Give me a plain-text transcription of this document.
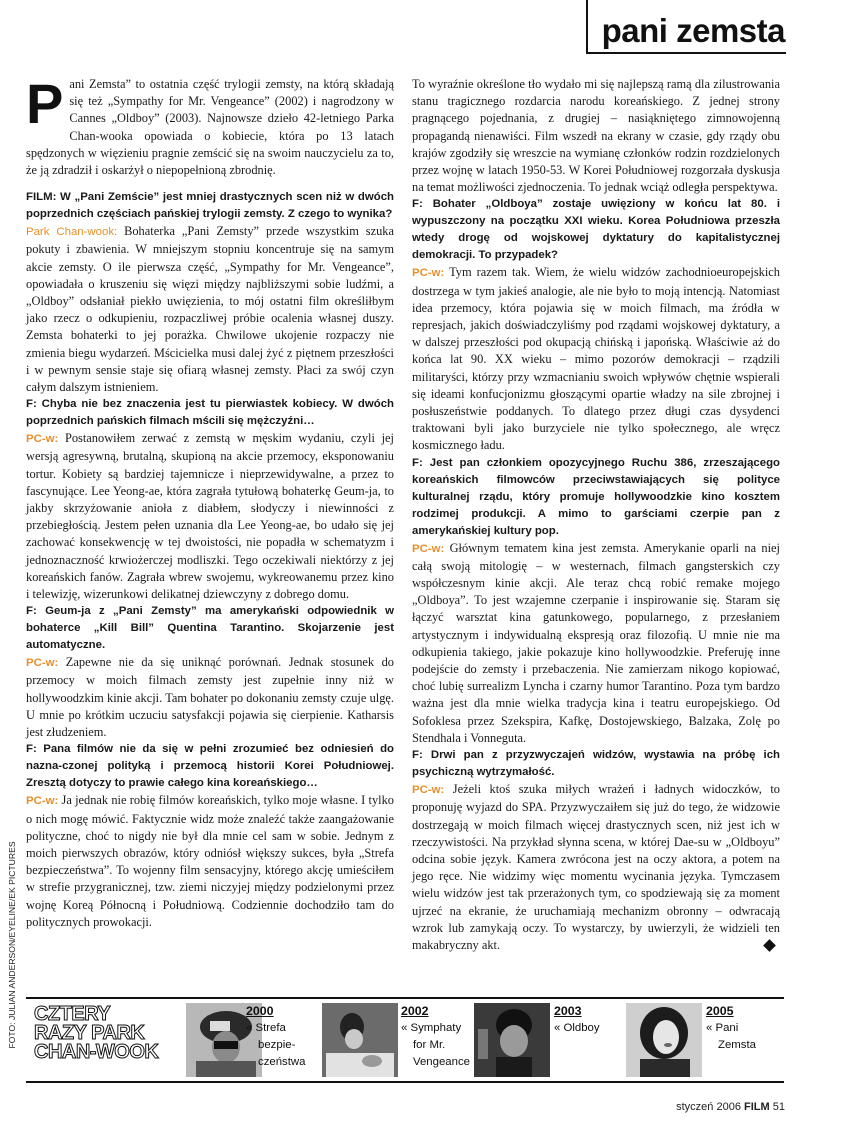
pani zemsta

Pani Zemsta” to ostatnia część trylogii zemsty, na którą składają się też „Sympathy for Mr. Vengeance” (2002) i nagrodzony w Cannes „Oldboy” (2003). Najnowsze dzieło 42-letniego Parka Chan-wooka opowiada o kobiecie, która po 13 latach spędzonych w więzieniu pragnie zemścić się na swoim nauczycielu za to, że ją zdradził i oskarżył o niepopełnioną zbrodnię.

FILM: W „Pani Zemście” jest mniej drastycznych scen niż w dwóch poprzednich częściach pańskiej trylogii zemsty. Z czego to wynika?
Park Chan-wook: Bohaterka „Pani Zemsty” przede wszystkim szuka pokuty i zbawienia. W mniejszym stopniu koncentruje się na samym akcie zemsty. O ile pierwsza część, „Sympathy for Mr. Vengeance”, opowiadała o kruszeniu się więzi między najbliższymi sobie ludźmi, a „Oldboy” odsłaniał piekło uwięzienia, to mój ostatni film określiłbym jako rzecz o odkupieniu, rozpaczliwej próbie ocalenia własnej duszy. Zemsta bohaterki to jej porażka. Chwilowe ukojenie rozpaczy nie zmienia biegu wydarzeń. Mścicielka musi dalej żyć z piętnem przeszłości i w pewnym sensie staje się ofiarą własnej zemsty. Płaci za swój czyn całym dalszym istnieniem.
F: Chyba nie bez znaczenia jest tu pierwiastek kobiecy. W dwóch poprzednich pańskich filmach mścili się mężczyźni…
PC-w: Postanowiłem zerwać z zemstą w męskim wydaniu, czyli jej wersją agresywną, brutalną, skupioną na akcie przemocy, eksponowaniu tortur. Kobiety są bardziej tajemnicze i nieprzewidywalne, a przez to fascynujące. Lee Yeong-ae, która zagrała tytułową bohaterkę Geum-ja, to jakby skrzyżowanie anioła z diabłem, słodyczy i niewinności z przebiegłością. Jestem pełen uznania dla Lee Yeong-ae, bo udało się jej zachować konsekwencję w tej dwoistości, nie popadła w schematyzm i jednoznaczność krwiożerczej modliszki. Tego oczekiwali niektórzy z jej koreańskich fanów. Zagrała wbrew swojemu, wykreowanemu przez kino i telewizję, wizerunkowi delikatnej dziewczyny z dobrego domu.
F: Geum-ja z „Pani Zemsty” ma amerykański odpowiednik w bohaterce „Kill Bill” Quentina Tarantino. Skojarzenie jest automatyczne.
PC-w: Zapewne nie da się uniknąć porównań. Jednak stosunek do przemocy w moich filmach zemsty jest zupełnie inny niż w hollywoodzkim kinie akcji. Tam bohater po dokonaniu zemsty czuje ulgę. U mnie po krótkim uczuciu satysfakcji pojawia się cierpienie. Katharsis jest złudzeniem.
F: Pana filmów nie da się w pełni zrozumieć bez odniesień do nazna-czonej polityką i przemocą historii Korei Południowej. Zresztą dotyczy to prawie całego kina koreańskiego…
PC-w: Ja jednak nie robię filmów koreańskich, tylko moje własne. I tylko o nich mogę mówić. Faktycznie widz może znaleźć także zaangażowanie polityczne, choć to nigdy nie był dla mnie cel sam w sobie. Jednym z moich pierwszych obrazów, który odniósł większy sukces, była „Strefa bezpieczeństwa”. To wojenny film sensacyjny, którego akcję umieściłem w strefie przygranicznej, tzw. ziemi niczyjej między podzielonymi przez wojnę Koreą Północną i Południową. Codziennie dochodziło tam do politycznych prowokacji.
To wyraźnie określone tło wydało mi się najlepszą ramą dla zilustrowania stanu tragicznego rozdarcia narodu koreańskiego. Z jednej strony pragnącego pojednania, z drugiej – nasiąkniętego zimnowojenną propagandą nienawiści. Film wszedł na ekrany w czasie, gdy rządy obu krajów zgodziły się wreszcie na wymianę członków rodzin rozdzielonych przez wojnę w latach 1950-53. W Korei Południowej rozgorzała dyskusja na temat możliwości zjednoczenia. To jednak wciąż odległa perspektywa.
F: Bohater „Oldboya” zostaje uwięziony w końcu lat 80. i wypuszczony na początku XXI wieku. Korea Południowa przeszła wtedy drogę od wojskowej dyktatury do kapitalistycznej demokracji. To przypadek?
PC-w: Tym razem tak. Wiem, że wielu widzów zachodnioeuropejskich dostrzega w tym jakieś analogie, ale nie było to moją intencją. Natomiast idea przemocy, która pojawia się w moich filmach, ma źródła w represjach, jakich doświadczyliśmy pod rządami wojskowej dyktatury, a w dalszej przeszłości pod okupacją chińską i japońską. Właściwie aż do końca lat 90. XX wieku – mimo pozorów demokracji – rządzili militaryści, którzy przy wzmacnianiu swoich wpływów chętnie wspierali się ideami konfucjonizmu głoszącymi opartie władzy na sile zbrojnej i posłuszeństwie poddanych. To dlatego przez długi czas dysydenci traktowani byli jako burzyciele nie tylko społecznego, ale wręcz kosmicznego ładu.
F: Jest pan członkiem opozycyjnego Ruchu 386, zrzeszającego koreańskich filmowców przeciwstawiających się polityce kulturalnej rządu, który promuje hollywoodzkie kino kosztem rodzimej produkcji. A mimo to garściami czerpie pan z amerykańskiej kultury pop.
PC-w: Głównym tematem kina jest zemsta. Amerykanie oparli na niej całą swoją mitologię – w westernach, filmach gangsterskich czy współczesnym kinie akcji. Ale teraz chcą robić remake mojego „Oldboya”. To jest wzajemne czerpanie i inspirowanie się. Staram się łączyć warsztat kina gatunkowego, popularnego, z przesłaniem artystycznym i indywidualną ekspresją oraz filozofią. U mnie nie ma odkupienia takiego, jakie pokazuje kino hollywoodzkie. Preferuję inne podejście do zemsty i przebaczenia. Nie zamierzam nikogo kopiować, choć lubię surrealizm Lyncha i czarny humor Tarantino. Poza tym bardzo ważna jest dla mnie wielka tradycja kina i teatru europejskiego. Od Sofoklesa przez Szekspira, Kafkę, Dostojewskiego, Balzaka, Zolę po Stendhala i Vonneguta.
F: Drwi pan z przyzwyczajeń widzów, wystawia na próbę ich psychiczną wytrzymałość.
PC-w: Jeżeli ktoś szuka miłych wrażeń i ładnych widoczków, to proponuję wyjazd do SPA. Przyzwyczaiłem się już do tego, że widzowie dostrzegają w moich filmach więcej drastycznych scen, niż jest ich w rzeczywistości. Na przykład słynna scena, w której Dae-su w „Oldboyu” odcina sobie język. Kamera zwrócona jest na oczy aktora, a potem na jego ręce. Nie widzimy więc momentu wycinania języka. Tymczasem wielu widzów jest tak przerażonych tym, co spodziewają się za moment ujrzeć na ekranie, że uruchamiają mechanizm obronny – odwracają wzrok lub zamykają oczy. To wystarczy, by uwierzyli, że widzieli ten makabryczny akt.
FOTO: JULIAN ANDERSON/EYELINE/EK PICTURES CZTERY
RAZY PARK
CHAN-WOOK
2000
« Strefa
bezpie-
czeństwa
2002
« Symphaty
for Mr.
Vengeance
2003
« Oldboy
2005
« Pani
Zemsta
styczeń 2006 FILM 51
